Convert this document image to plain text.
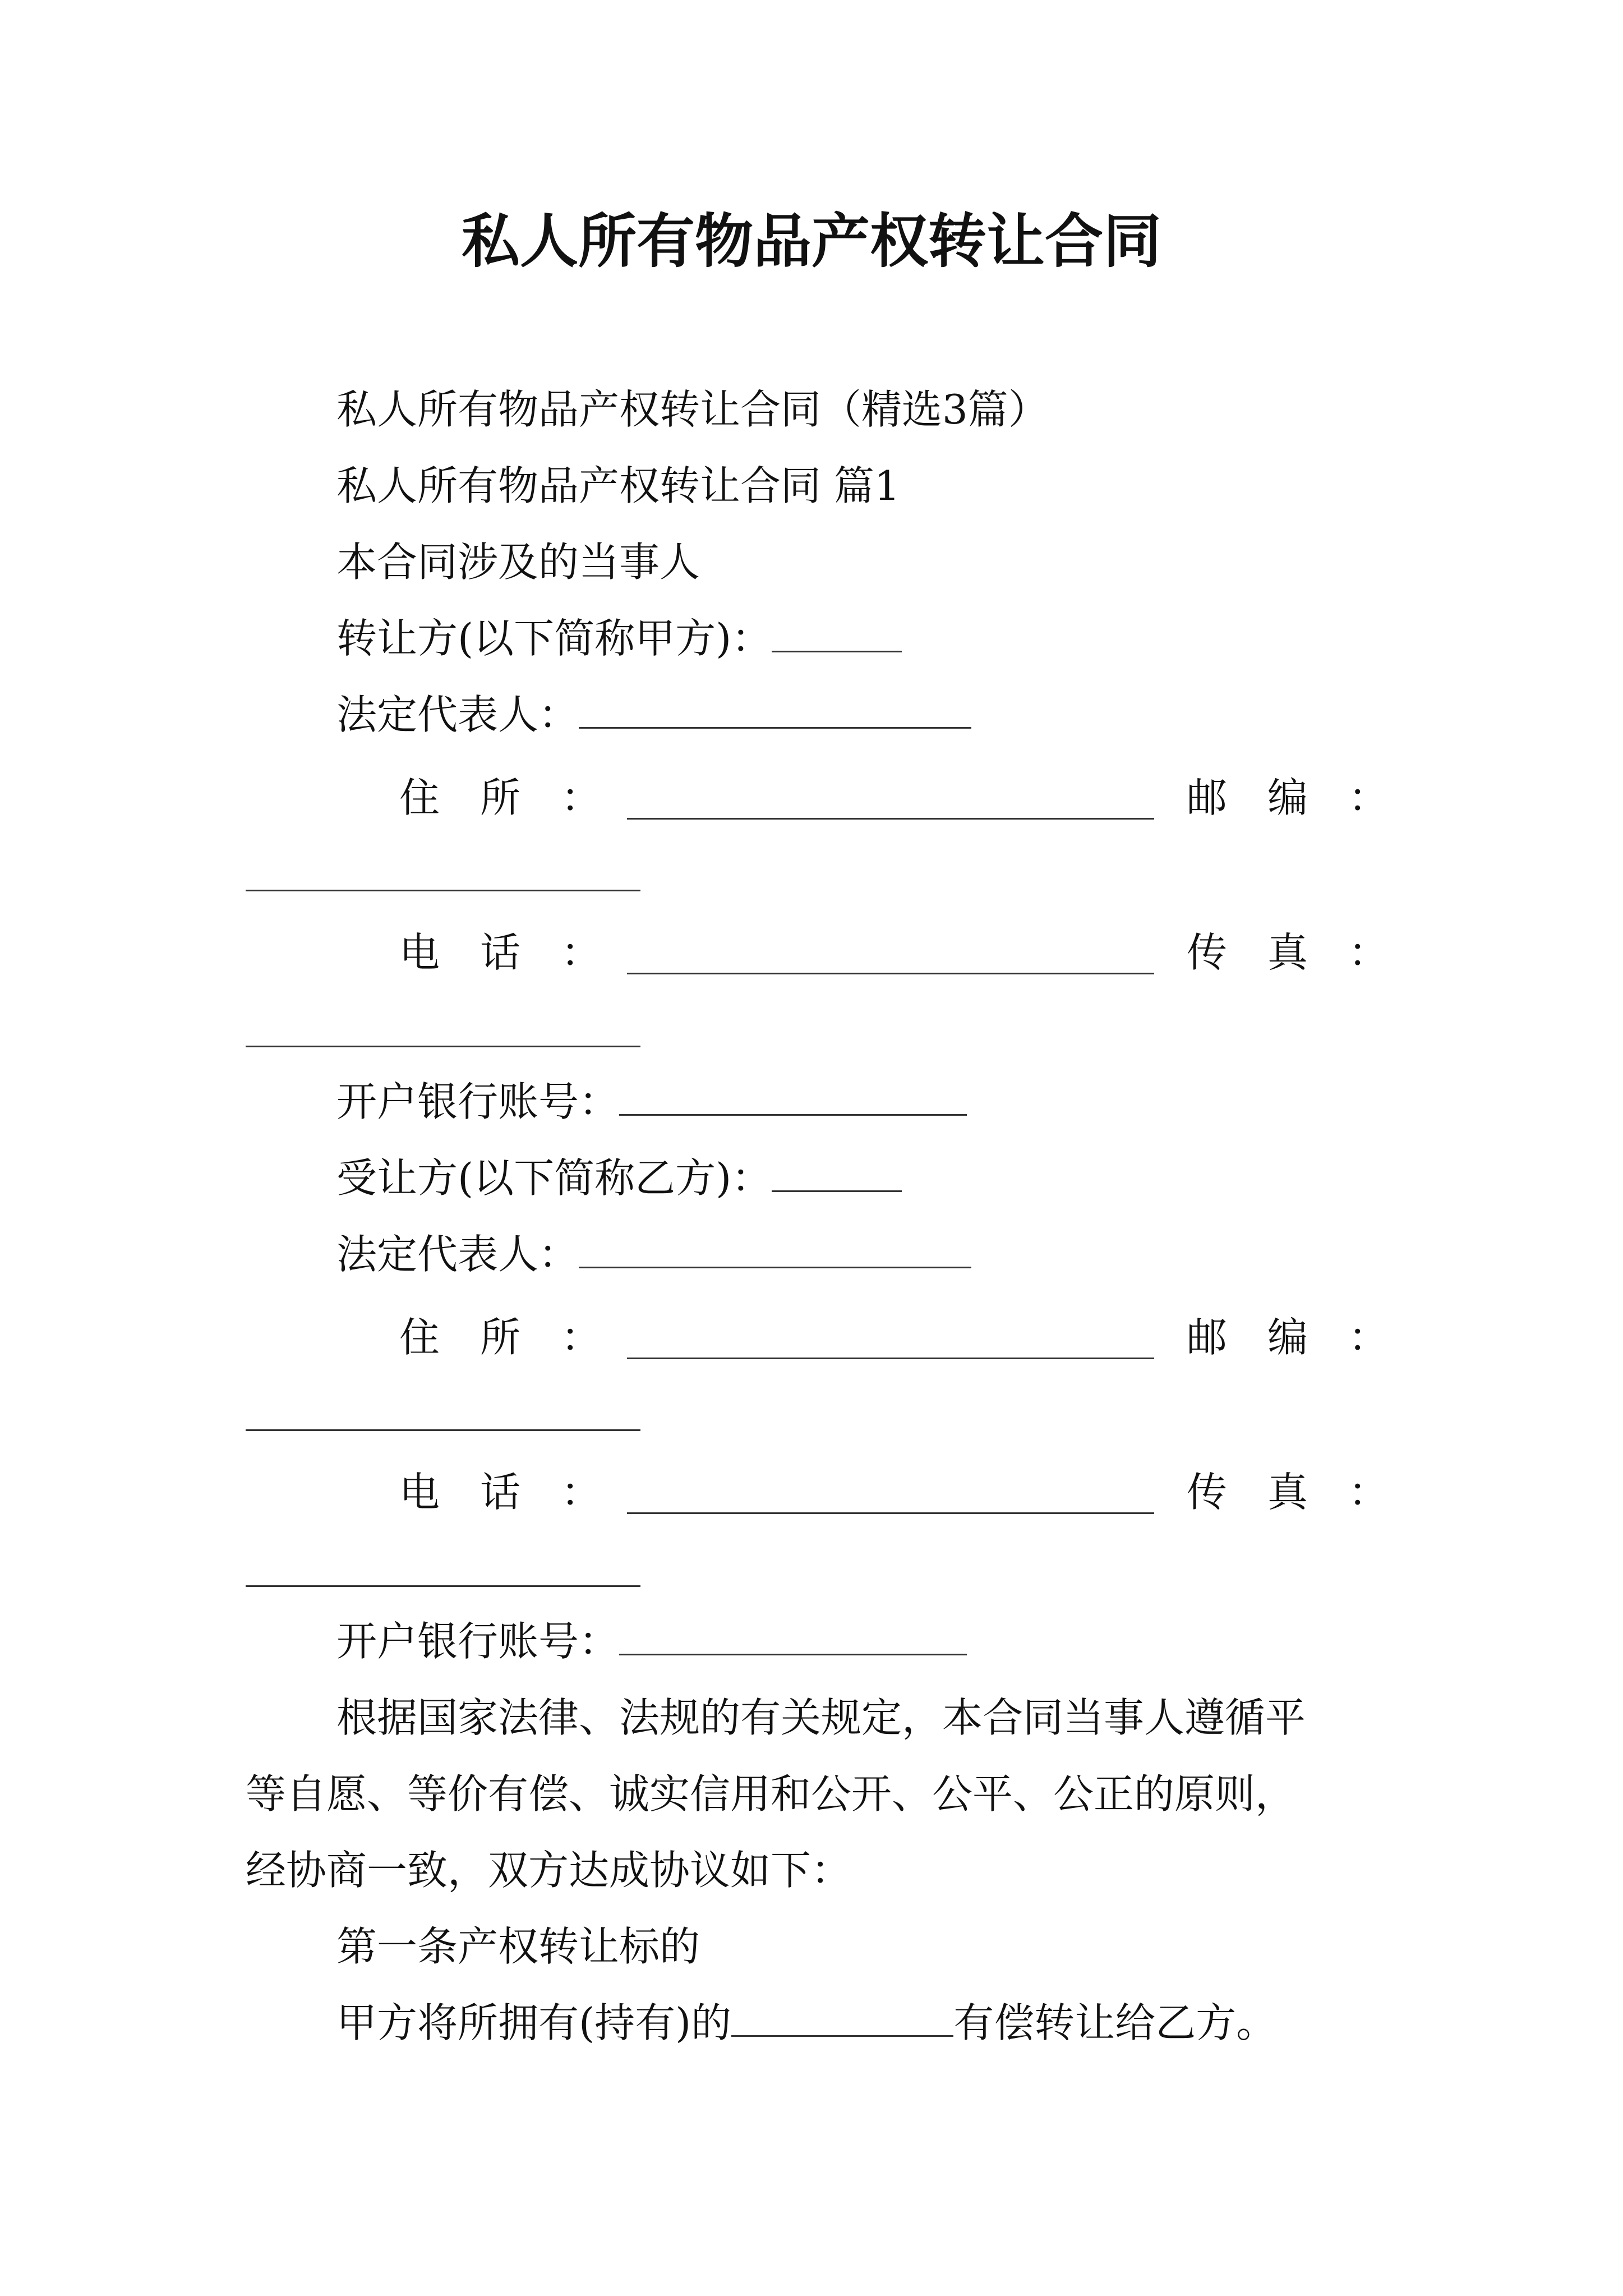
私人所有物品产权转让合同
私人所有物品产权转让合同（精选3篇）
私人所有物品产权转让合同 篇1
本合同涉及的当事人
转让方(以下简称甲方)：
法定代表人：
住　所　：	邮　编　：
电　话　：	传　真　：
开户银行账号：
受让方(以下简称乙方)：
法定代表人：
住　所　：	邮　编　：
电　话　：	传　真　：
开户银行账号：
根据国家法律、法规的有关规定，本合同当事人遵循平
等自愿、等价有偿、诚实信用和公开、公平、公正的原则，
经协商一致，双方达成协议如下：
第一条产权转让标的
甲方将所拥有(持有)的	有偿转让给乙方。
